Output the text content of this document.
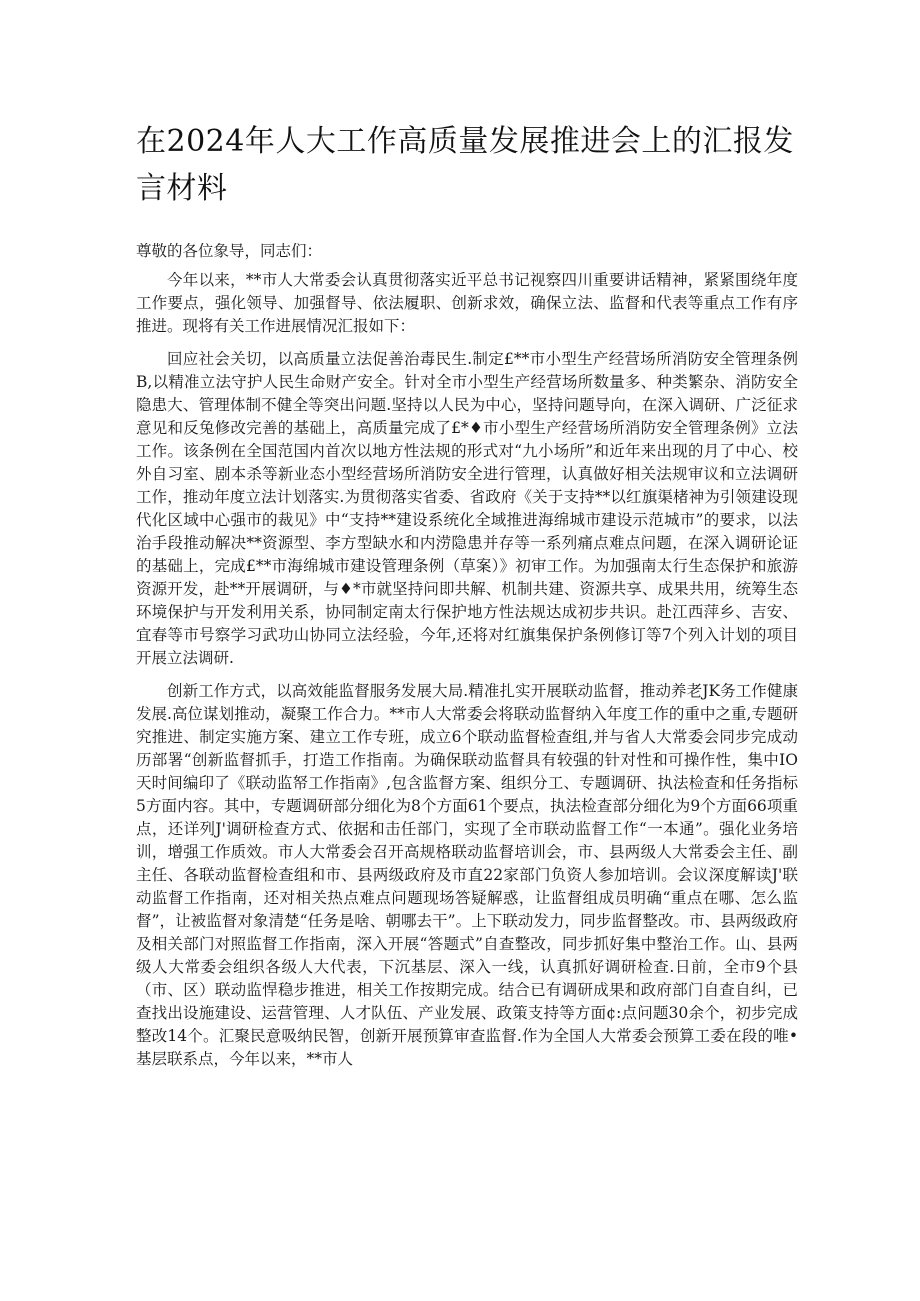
在2024年人大工作高质量发展推进会上的汇报发言材料

尊敬的各位象导，同志们：

今年以来，**市人大常委会认真贯彻落实近平总书记视察四川重要讲话精神，紧紧围绕年度工作要点，强化领导、加强督导、依法履职、创新求效，确保立法、监督和代表等重点工作有序推进。现将有关工作进展情况汇报如下：

回应社会关切，以高质量立法促善治毒民生.制定£**市小型生产经营场所消防安全管理条例B,以精准立法守护人民生命财产安全。针对全市小型生产经营场所数量多、种类繁杂、消防安全隐患大、管理体制不健全等突出问题.坚持以人民为中心，坚持问题导向，在深入调研、广泛征求意见和反兔修改完善的基础上，高质量完成了£*♦市小型生产经营场所消防安全管理条例》立法工作。该条例在全国范国内首次以地方性法规的形式对“九小场所”和近年来出现的月了中心、校外自习室、剧本杀等新业态小型经营场所消防安全进行管理，认真做好相关法规审议和立法调研工作，推动年度立法计划落实.为贯彻落实省委、省政府《关于支持**以红旗渠楮神为引领建设现代化区域中心强市的裁见》中“支持**建设系统化全域推进海绵城市建设示范城市”的要求，以法治手段推动解决**资源型、李方型缺水和内涝隐患并存等一系列痛点难点问题，在深入调研论证的基础上，完成£**市海绵城市建设管理条例（草案）》初审工作。为加强南太行生态保护和旅游资源开发，赴**开展调研，与♦*市就坚持问即共解、机制共建、资源共享、成果共用，统筹生态环境保护与开发利用关系，协同制定南太行保护地方性法规达成初步共识。赴江西萍乡、吉安、宜春等市号察学习武功山协同立法经验，今年,还将对红旗集保护条例修订等7个列入计划的项目开展立法调研.

创新工作方式，以高效能监督服务发展大局.精准扎实开展联动监督，推动养老JK务工作健康发展.高位谋划推动，凝聚工作合力。**市人大常委会将联动监督纳入年度工作的重中之重,专题研究推进、制定实施方案、建立工作专班，成立6个联动监督检查组,并与省人大常委会同步完成动历部署“创新监督抓手，打造工作指南。为确保联动监督具有较强的针对性和可操作性，集中IO天时间编印了《联动监帑工作指南》,包含监督方案、组织分工、专题调研、执法检查和任务指标5方面内容。其中，专题调研部分细化为8个方面61个要点，执法检查部分细化为9个方面66项重点，还详列J'调研检查方式、依据和击任部门，实现了全市联动监督工作“一本通”。强化业务培训，增强工作质效。市人大常委会召开高规格联动监督培训会，市、县两级人大常委会主任、副主任、各联动监督检查组和市、县两级政府及市直22家部门负资人参加培训。会议深度解读J'联动监督工作指南，还对相关热点难点问题现场答疑解惑，让监督组成员明确“重点在哪、怎么监督”，让被监督对象清楚“任务是啥、朝哪去干”。上下联动发力，同步监督整改。市、县两级政府及相关部门对照监督工作指南，深入开展“答题式”自查整改，同步抓好集中整治工作。山、县两级人大常委会组织各级人大代表，下沉基层、深入一线，认真抓好调研检查.日前，全市9个县（市、区）联动监悍稳步推进，相关工作按期完成。结合已有调研成果和政府部门自查自纠，已查找出设施建设、运营管理、人才队伍、产业发展、政策支持等方面¢:点问题30余个，初步完成整改14个。汇聚民意吸纳民智，创新开展预算审查监督.作为全国人大常委会预算工委在段的唯•基层联系点，今年以来，**市人
